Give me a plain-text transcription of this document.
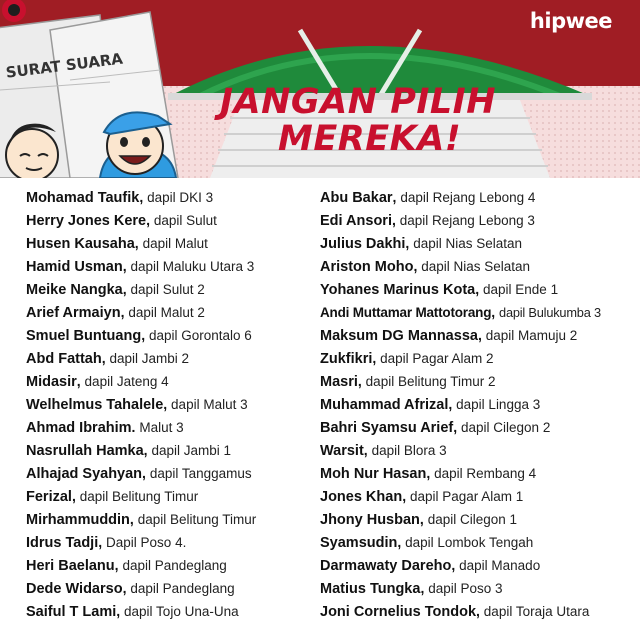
hipwee
SURAT SUARA
JANGAN PILIH
MEREKA!
Mohamad Taufik, dapil DKI 3
Herry Jones Kere, dapil Sulut
Husen Kausaha, dapil Malut
Hamid Usman, dapil Maluku Utara 3
Meike Nangka, dapil Sulut 2
Arief Armaiyn, dapil Malut 2
Smuel Buntuang, dapil Gorontalo 6
Abd Fattah, dapil Jambi 2
Midasir, dapil Jateng 4
Welhelmus Tahalele, dapil Malut 3
Ahmad Ibrahim. Malut 3
Nasrullah Hamka, dapil Jambi 1
Alhajad Syahyan, dapil Tanggamus
Ferizal, dapil Belitung Timur
Mirhammuddin, dapil Belitung Timur
Idrus Tadji, Dapil Poso 4.
Heri Baelanu, dapil Pandeglang
Dede Widarso, dapil Pandeglang
Saiful T Lami, dapil Tojo Una-Una
Abu Bakar, dapil Rejang Lebong 4
Edi Ansori, dapil Rejang Lebong 3
Julius Dakhi, dapil Nias Selatan
Ariston Moho, dapil Nias Selatan
Yohanes Marinus Kota, dapil Ende 1
Andi Muttamar Mattotorang, dapil Bulukumba 3
Maksum DG Mannassa, dapil Mamuju 2
Zukfikri, dapil Pagar Alam 2
Masri, dapil Belitung Timur 2
Muhammad Afrizal, dapil Lingga 3
Bahri Syamsu Arief, dapil Cilegon 2
Warsit, dapil Blora 3
Moh Nur Hasan, dapil Rembang 4
Jones Khan, dapil Pagar Alam 1
Jhony Husban, dapil Cilegon 1
Syamsudin, dapil Lombok Tengah
Darmawaty Dareho, dapil Manado
Matius Tungka, dapil Poso 3
Joni Cornelius Tondok, dapil Toraja Utara
